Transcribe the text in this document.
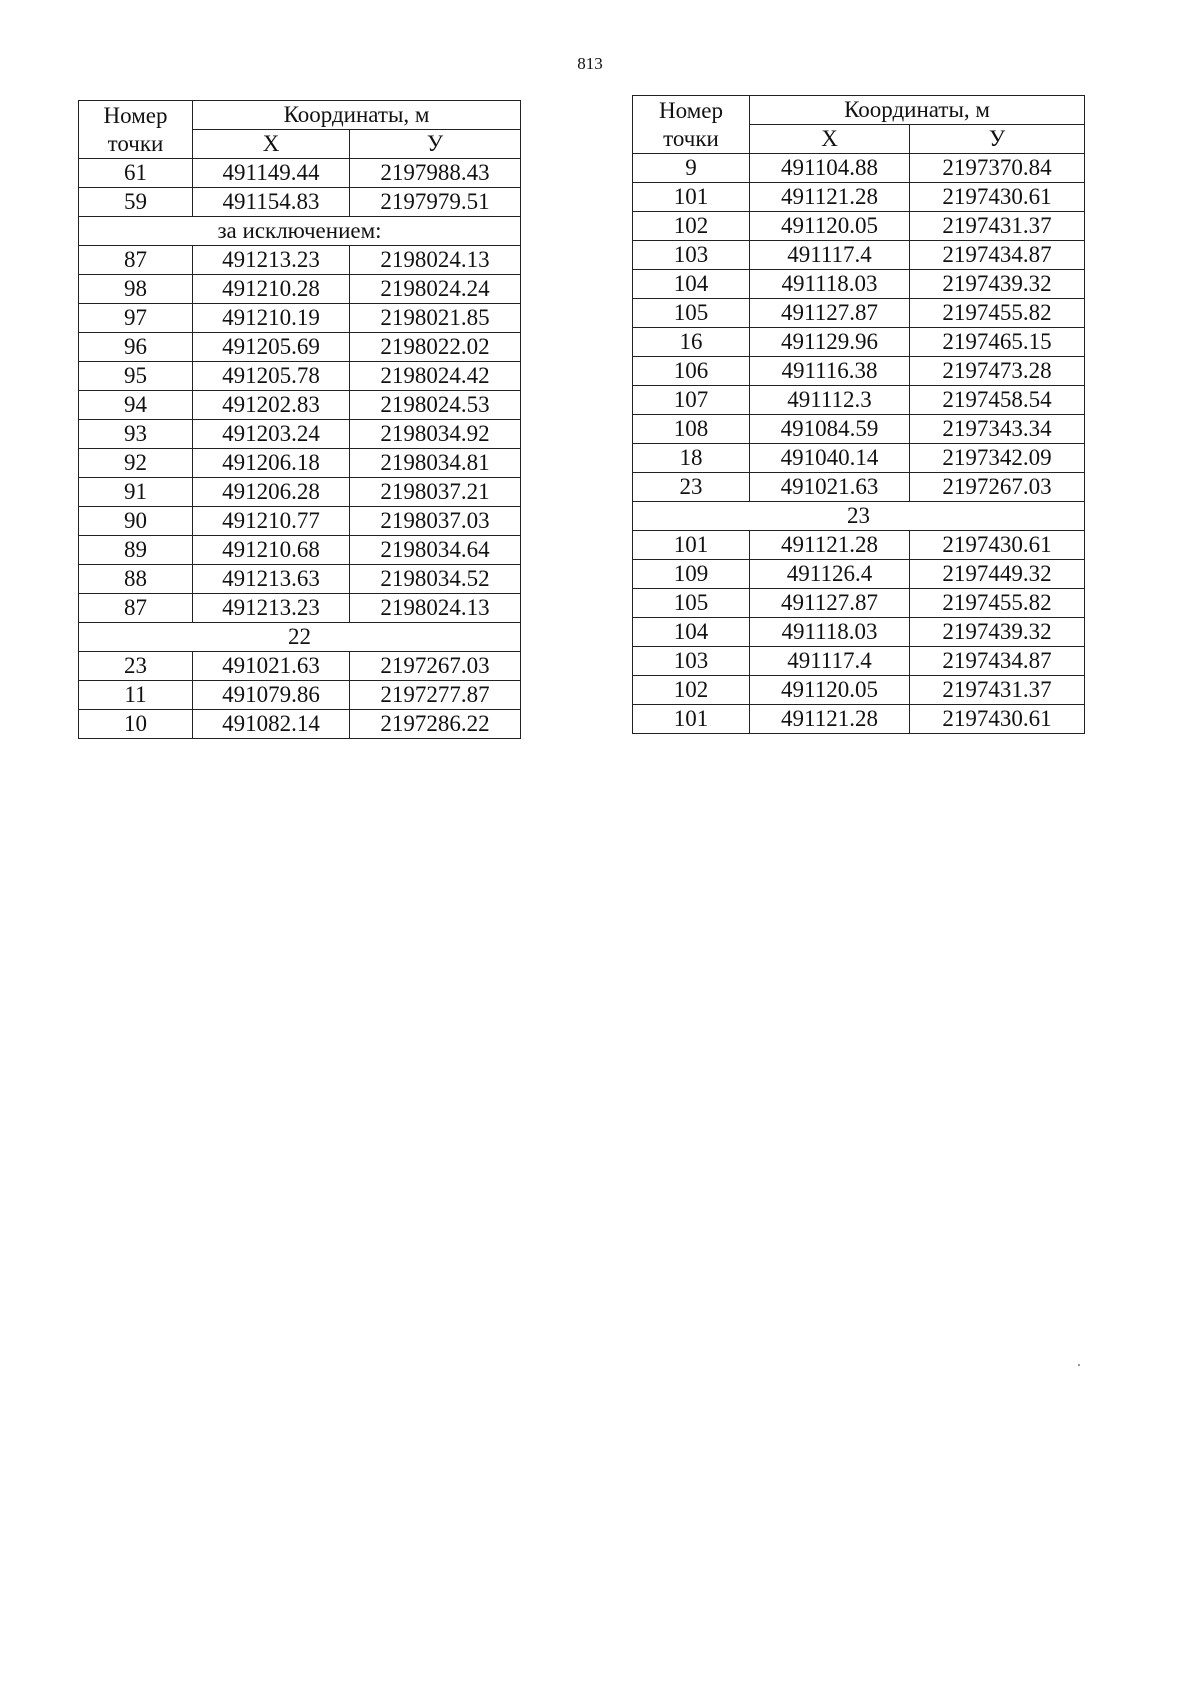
813
Номер
точки	Координаты, м	
	Х	У
61	491149.44	2197988.43
59	491154.83	2197979.51
за исключением:		
87	491213.23	2198024.13
98	491210.28	2198024.24
97	491210.19	2198021.85
96	491205.69	2198022.02
95	491205.78	2198024.42
94	491202.83	2198024.53
93	491203.24	2198034.92
92	491206.18	2198034.81
91	491206.28	2198037.21
90	491210.77	2198037.03
89	491210.68	2198034.64
88	491213.63	2198034.52
87	491213.23	2198024.13
22		
23	491021.63	2197267.03
11	491079.86	2197277.87
10	491082.14	2197286.22
Номер
точки	Координаты, м	
	Х	У
9	491104.88	2197370.84
101	491121.28	2197430.61
102	491120.05	2197431.37
103	491117.4	2197434.87
104	491118.03	2197439.32
105	491127.87	2197455.82
16	491129.96	2197465.15
106	491116.38	2197473.28
107	491112.3	2197458.54
108	491084.59	2197343.34
18	491040.14	2197342.09
23	491021.63	2197267.03
23		
101	491121.28	2197430.61
109	491126.4	2197449.32
105	491127.87	2197455.82
104	491118.03	2197439.32
103	491117.4	2197434.87
102	491120.05	2197431.37
101	491121.28	2197430.61
